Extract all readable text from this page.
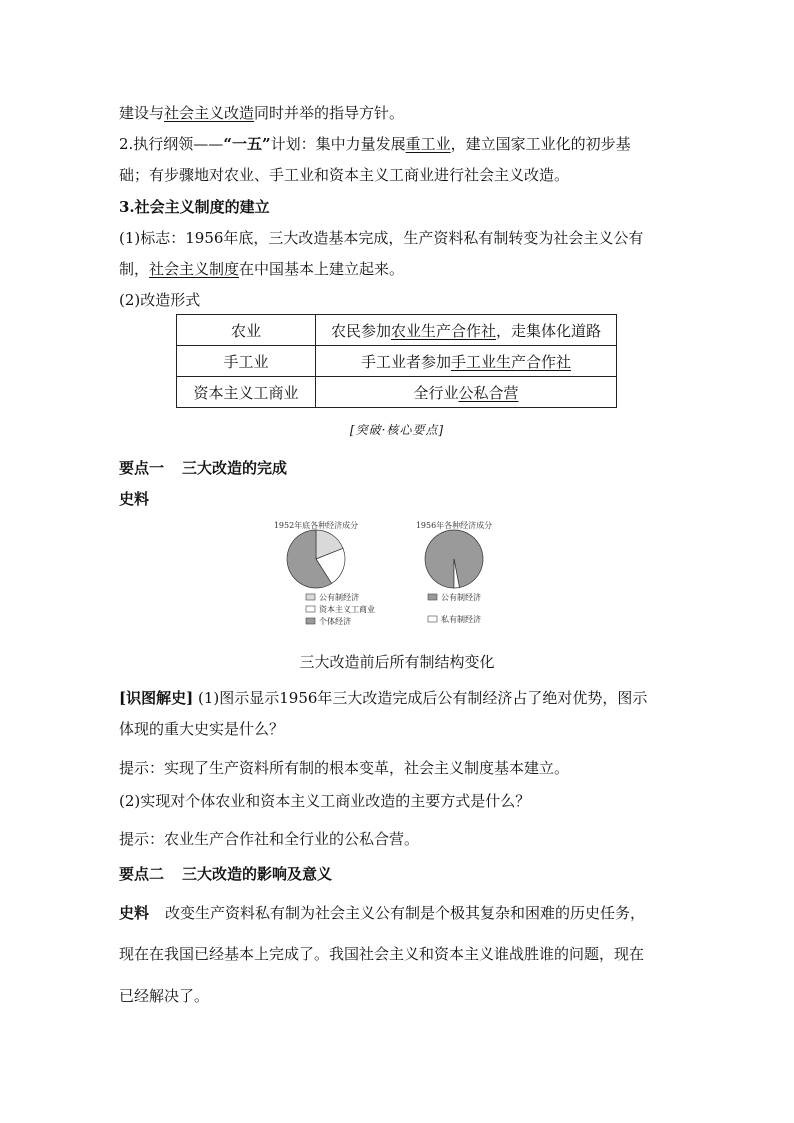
建设与社会主义改造同时并举的指导方针。
2.执行纲领——“一五”计划：集中力量发展重工业，建立国家工业化的初步基
础；有步骤地对农业、手工业和资本主义工商业进行社会主义改造。
3.社会主义制度的建立
(1)标志：1956年底，三大改造基本完成，生产资料私有制转变为社会主义公有
制，社会主义制度在中国基本上建立起来。
(2)改造形式
农业	农民参加农业生产合作社，走集体化道路
手工业	手工业者参加手工业生产合作社
资本主义工商业	全行业公私合营
[突破·核心要点]
要点一 三大改造的完成
史料
1952年底各种经济成分	1956年各种经济成分
公有制经济
资本主义工商业
个体经济
公有制经济
私有制经济
三大改造前后所有制结构变化
[识图解史] (1)图示显示1956年三大改造完成后公有制经济占了绝对优势，图示
体现的重大史实是什么？
提示：实现了生产资料所有制的根本变革，社会主义制度基本建立。
(2)实现对个体农业和资本主义工商业改造的主要方式是什么？
提示：农业生产合作社和全行业的公私合营。
要点二 三大改造的影响及意义
史料 改变生产资料私有制为社会主义公有制是个极其复杂和困难的历史任务，
现在在我国已经基本上完成了。我国社会主义和资本主义谁战胜谁的问题，现在
已经解决了。
